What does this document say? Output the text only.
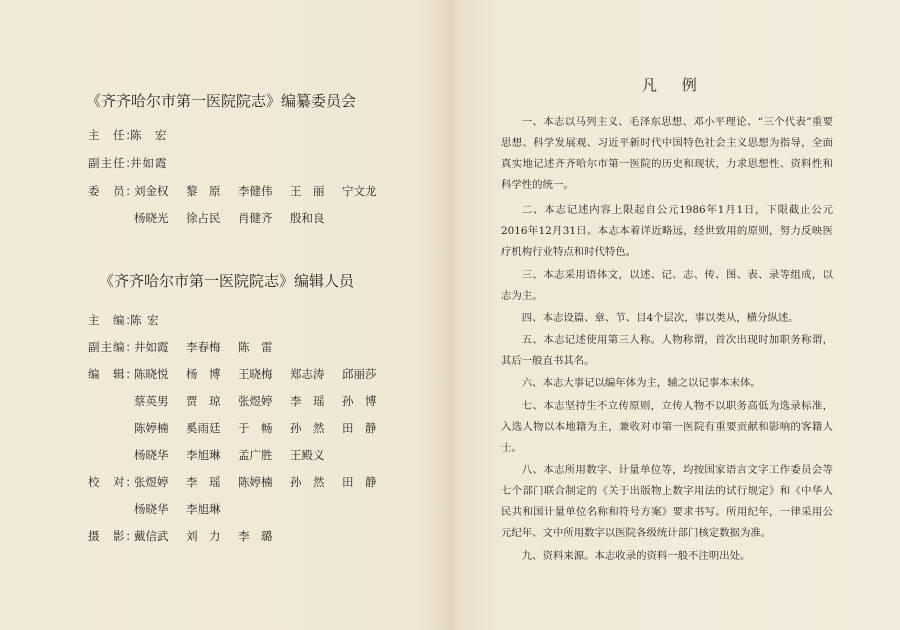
《齐齐哈尔市第一医院院志》编纂委员会
主　任：陈　宏
副主任：井如霞
委　员：
刘金权 黎　原 李健伟 王　丽 宁文龙
杨晓光 徐占民 肖健齐 殷和良
《齐齐哈尔市第一医院院志》编辑人员
主　编：陈 宏
副主编：
井如霞 李春梅 陈　雷
编　辑：
陈晓悦 杨　博 王晓梅 郑志涛 邱丽莎
蔡英男 贾　琼 张煜婷 李　瑶 孙　博
陈婷楠 奚雨廷 于　畅 孙　然 田　静
杨晓华 李旭琳 孟广胜 王殿义
校　对：
张煜婷 李　瑶 陈婷楠 孙　然 田　静
杨晓华 李旭琳
摄　影：
戴信武 刘　力 李　璐
凡 例
一、本志以马列主义、毛泽东思想、邓小平理论、“三个代表”重要思想、科学发展观、习近平新时代中国特色社会主义思想为指导，全面真实地记述齐齐哈尔市第一医院的历史和现状，力求思想性、资料性和科学性的统一。
二、本志记述内容上限起自公元1986年1月1日，下限截止公元2016年12月31日。本志本着详近略远，经世致用的原则，努力反映医疗机构行业特点和时代特色。
三、本志采用语体文，以述、记、志、传、图、表、录等组成，以志为主。
四、本志设篇、章、节、目4个层次，事以类从，横分纵述。
五、本志记述使用第三人称。人物称谓，首次出现时加职务称谓，其后一般直书其名。
六、本志大事记以编年体为主，辅之以记事本末体。
七、本志坚持生不立传原则，立传人物不以职务高低为选录标准，入选人物以本地籍为主，兼收对市第一医院有重要贡献和影响的客籍人士。
八、本志所用数字、计量单位等，均按国家语言文字工作委员会等七个部门联合制定的《关于出版物上数字用法的试行规定》和《中华人民共和国计量单位名称和符号方案》要求书写。所用纪年，一律采用公元纪年、文中所用数字以医院各级统计部门核定数据为准。
九、资料来源。本志收录的资料一般不注明出处。
